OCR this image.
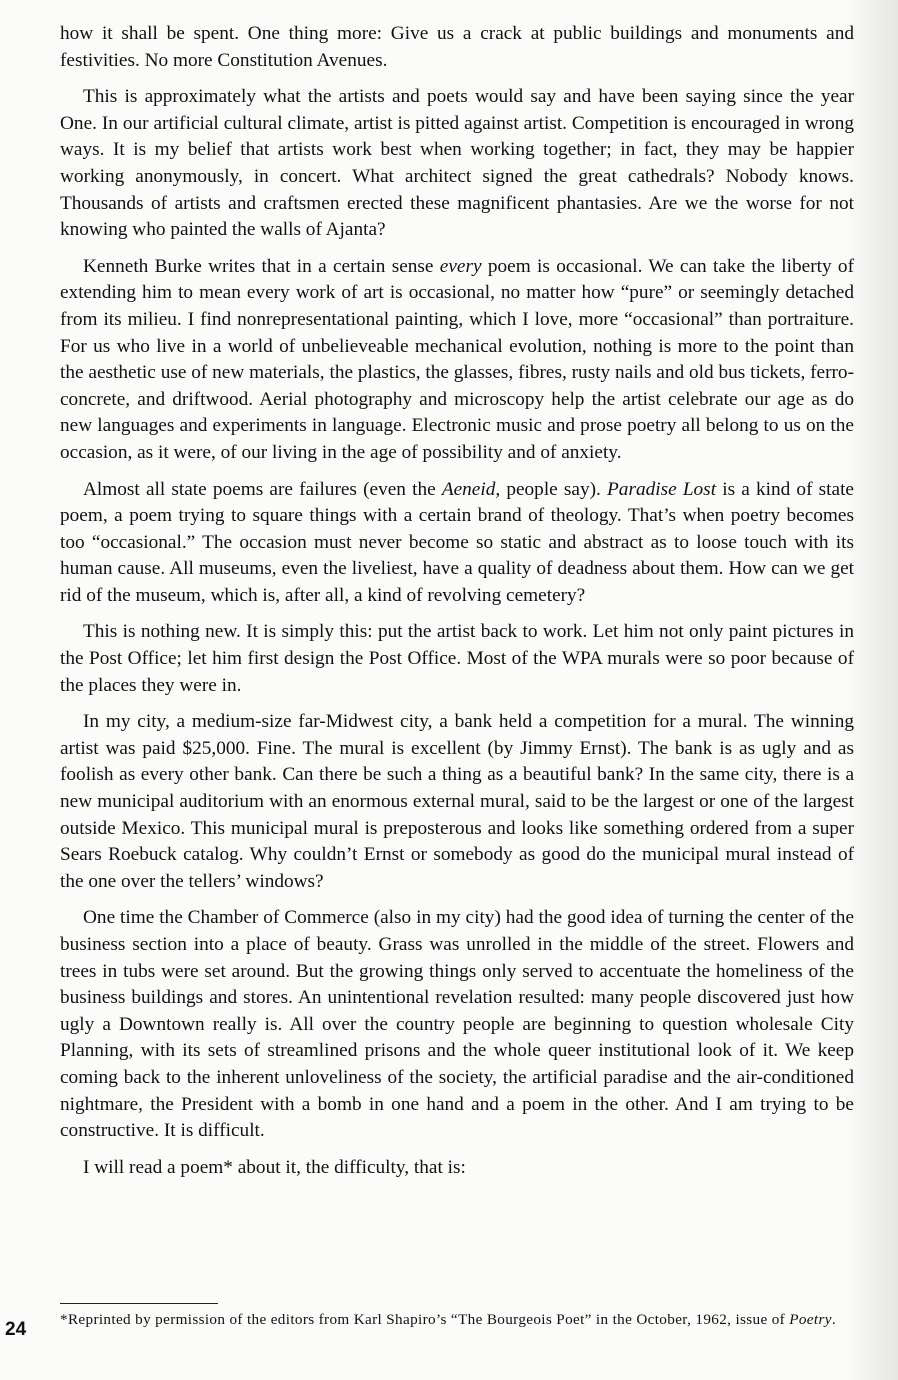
how it shall be spent. One thing more: Give us a crack at public buildings and monuments and festivities. No more Constitution Avenues.

This is approximately what the artists and poets would say and have been saying since the year One. In our artificial cultural climate, artist is pitted against artist. Competition is encouraged in wrong ways. It is my belief that artists work best when working together; in fact, they may be happier working anonymously, in concert. What architect signed the great cathedrals? Nobody knows. Thousands of artists and craftsmen erected these magnificent phantasies. Are we the worse for not knowing who painted the walls of Ajanta?

Kenneth Burke writes that in a certain sense every poem is occasional. We can take the liberty of extending him to mean every work of art is occasional, no matter how “pure” or seemingly detached from its milieu. I find nonrepresentational painting, which I love, more “occasional” than portraiture. For us who live in a world of unbelieveable mechanical evolution, nothing is more to the point than the aesthetic use of new materials, the plastics, the glasses, fibres, rusty nails and old bus tickets, ferro-concrete, and driftwood. Aerial photography and microscopy help the artist celebrate our age as do new languages and experiments in language. Electronic music and prose poetry all belong to us on the occasion, as it were, of our living in the age of possibility and of anxiety.

Almost all state poems are failures (even the Aeneid, people say). Paradise Lost is a kind of state poem, a poem trying to square things with a certain brand of theology. That’s when poetry becomes too “occasional.” The occasion must never become so static and abstract as to loose touch with its human cause. All museums, even the liveliest, have a quality of deadness about them. How can we get rid of the museum, which is, after all, a kind of revolving cemetery?

This is nothing new. It is simply this: put the artist back to work. Let him not only paint pictures in the Post Office; let him first design the Post Office. Most of the WPA murals were so poor because of the places they were in.

In my city, a medium-size far-Midwest city, a bank held a competition for a mural. The winning artist was paid $25,000. Fine. The mural is excellent (by Jimmy Ernst). The bank is as ugly and as foolish as every other bank. Can there be such a thing as a beautiful bank? In the same city, there is a new municipal auditorium with an enormous external mural, said to be the largest or one of the largest outside Mexico. This municipal mural is preposterous and looks like something ordered from a super Sears Roebuck catalog. Why couldn’t Ernst or somebody as good do the municipal mural instead of the one over the tellers’ windows?

One time the Chamber of Commerce (also in my city) had the good idea of turning the center of the business section into a place of beauty. Grass was unrolled in the middle of the street. Flowers and trees in tubs were set around. But the growing things only served to accentuate the homeliness of the business buildings and stores. An unintentional revelation resulted: many people discovered just how ugly a Downtown really is. All over the country people are beginning to question wholesale City Planning, with its sets of streamlined prisons and the whole queer institutional look of it. We keep coming back to the inherent unloveliness of the society, the artificial paradise and the air-conditioned nightmare, the President with a bomb in one hand and a poem in the other. And I am trying to be constructive. It is difficult.

I will read a poem* about it, the difficulty, that is:

*Reprinted by permission of the editors from Karl Shapiro’s “The Bourgeois Poet” in the October, 1962, issue of Poetry.
24
